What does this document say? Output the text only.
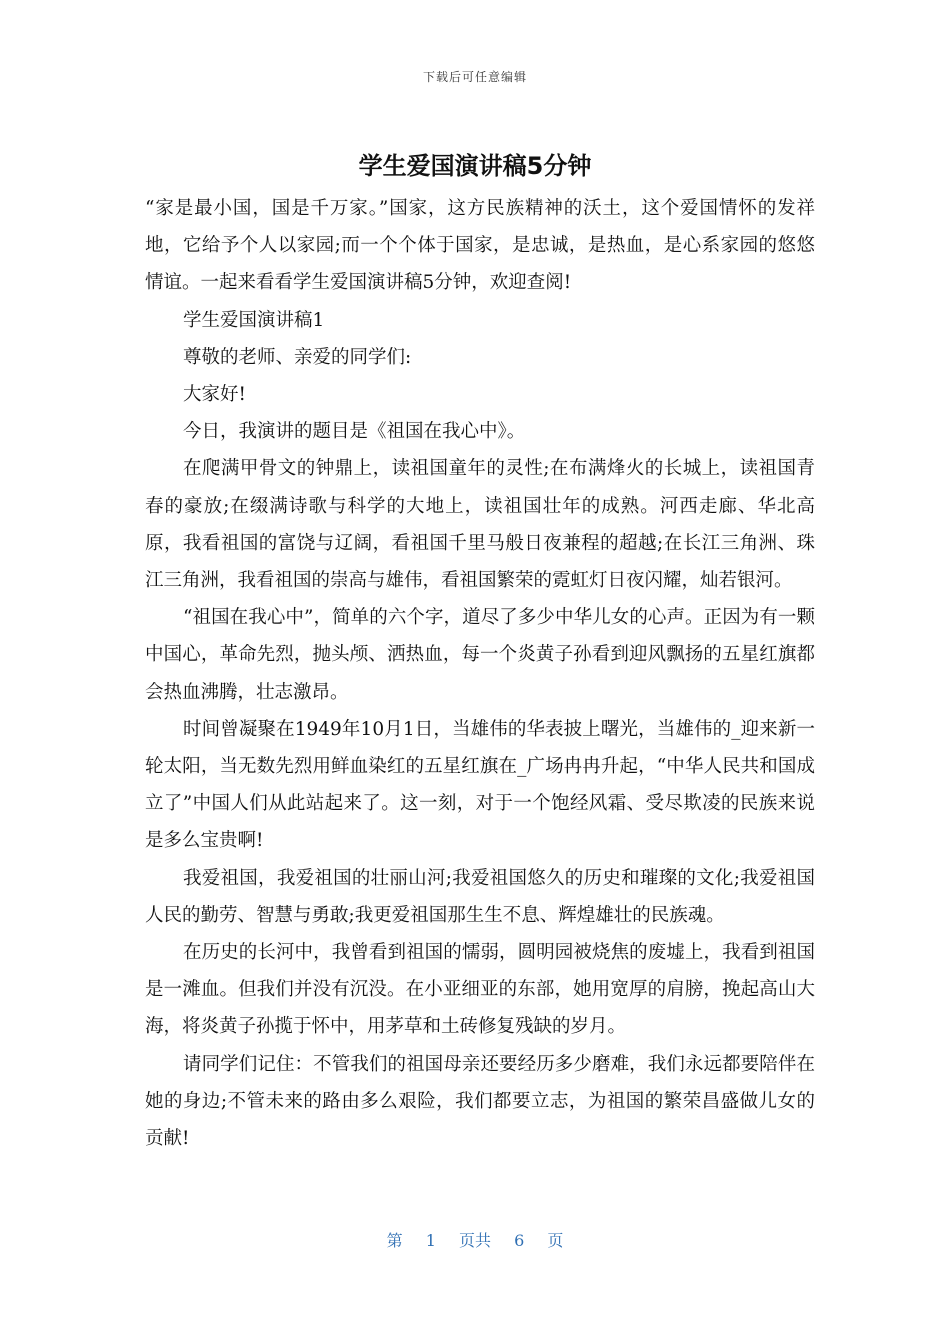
下载后可任意编辑
学生爱国演讲稿5分钟

“家是最小国，国是千万家。”国家，这方民族精神的沃土，这个爱国情怀的发祥地，它给予个人以家园;而一个个体于国家，是忠诚，是热血，是心系家园的悠悠情谊。一起来看看学生爱国演讲稿5分钟，欢迎查阅!

学生爱国演讲稿1

尊敬的老师、亲爱的同学们:

大家好!

今日，我演讲的题目是《祖国在我心中》。

在爬满甲骨文的钟鼎上，读祖国童年的灵性;在布满烽火的长城上，读祖国青春的豪放;在缀满诗歌与科学的大地上，读祖国壮年的成熟。河西走廊、华北高原，我看祖国的富饶与辽阔，看祖国千里马般日夜兼程的超越;在长江三角洲、珠江三角洲，我看祖国的崇高与雄伟，看祖国繁荣的霓虹灯日夜闪耀，灿若银河。

“祖国在我心中”，简单的六个字，道尽了多少中华儿女的心声。正因为有一颗中国心，革命先烈，抛头颅、洒热血，每一个炎黄子孙看到迎风飘扬的五星红旗都会热血沸腾，壮志激昂。

时间曾凝聚在1949年10月1日，当雄伟的华表披上曙光，当雄伟的_迎来新一轮太阳，当无数先烈用鲜血染红的五星红旗在_广场冉冉升起，“中华人民共和国成立了”中国人们从此站起来了。这一刻，对于一个饱经风霜、受尽欺凌的民族来说是多么宝贵啊!

我爱祖国，我爱祖国的壮丽山河;我爱祖国悠久的历史和璀璨的文化;我爱祖国人民的勤劳、智慧与勇敢;我更爱祖国那生生不息、辉煌雄壮的民族魂。

在历史的长河中，我曾看到祖国的懦弱，圆明园被烧焦的废墟上，我看到祖国是一滩血。但我们并没有沉没。在小亚细亚的东部，她用宽厚的肩膀，挽起高山大海，将炎黄子孙揽于怀中，用茅草和土砖修复残缺的岁月。

请同学们记住：不管我们的祖国母亲还要经历多少磨难，我们永远都要陪伴在她的身边;不管未来的路由多么艰险，我们都要立志，为祖国的繁荣昌盛做儿女的贡献!

第 1 页共 6 页
